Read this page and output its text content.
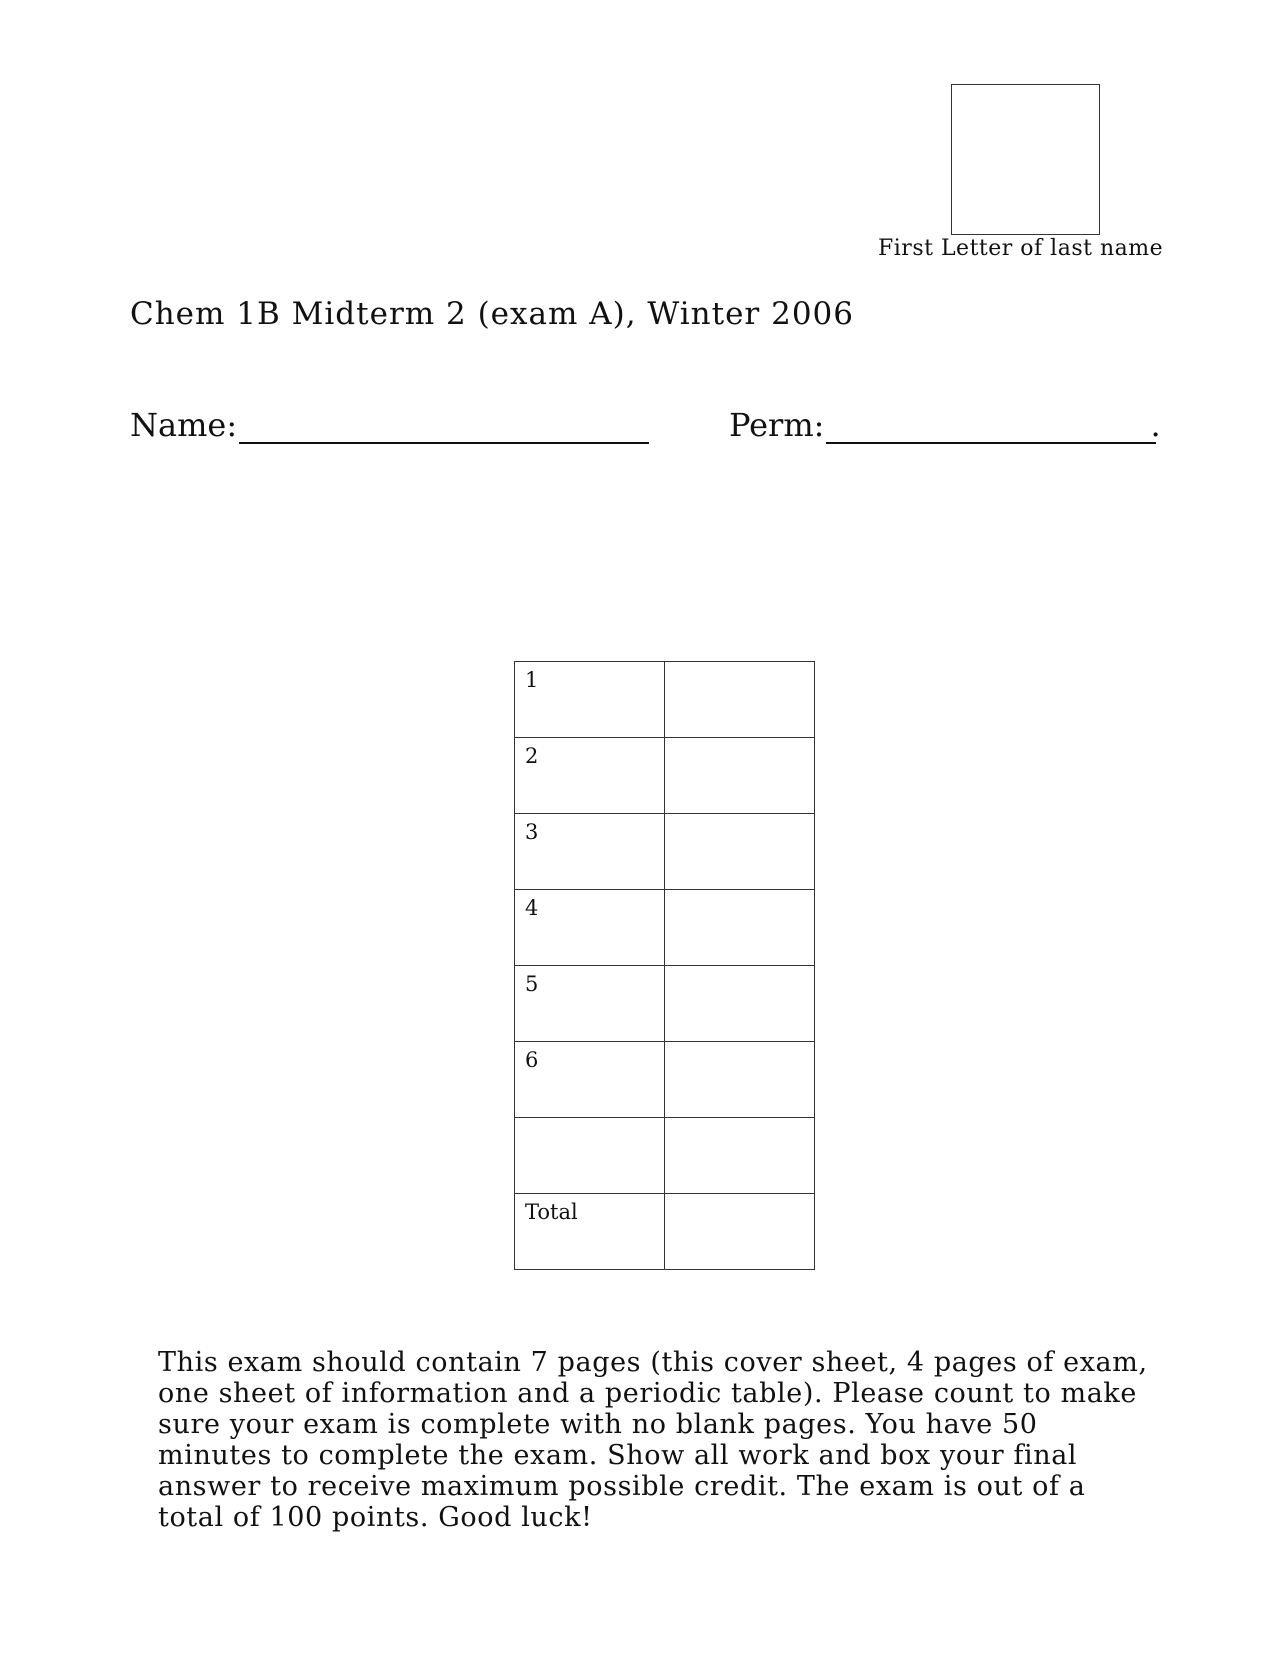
First Letter of last name
Chem 1B Midterm 2 (exam A), Winter 2006
Name:	Perm:	.
1	
2	
3	
4	
5	
6	

Total	
This exam should contain 7 pages (this cover sheet, 4 pages of exam,
one sheet of information and a periodic table). Please count to make
sure your exam is complete with no blank pages. You have 50
minutes to complete the exam. Show all work and box your final
answer to receive maximum possible credit. The exam is out of a
total of 100 points. Good luck!
